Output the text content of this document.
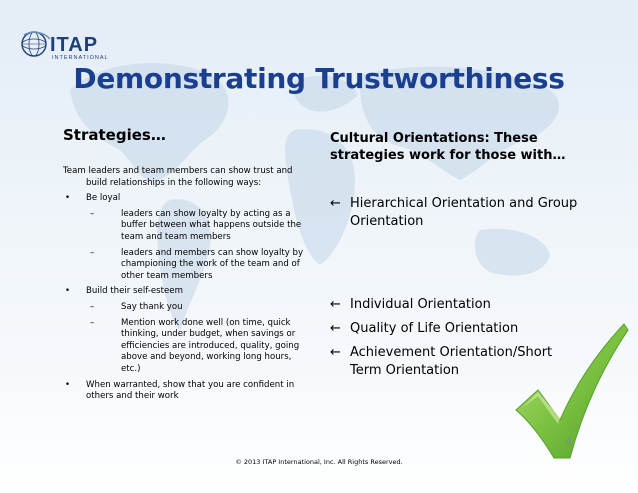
ITAP
INTERNATIONAL
Demonstrating Trustworthiness
Strategies…

Team leaders and team members can show trust and build relationships in the following ways:

• Be loyal
–	leaders can show loyalty by acting as a buffer between what happens outside the team and team members
–	leaders and members can show loyalty by championing the work of the team and of other team members
• Build their self-esteem
–	Say thank you
–	Mention work done well (on time, quick thinking, under budget, when savings or efficiencies are introduced, quality, going above and beyond, working long hours, etc.)
• When warranted, show that you are confident in others and their work
Cultural Orientations: These strategies work for those with…
← Hierarchical Orientation and Group Orientation
← Individual Orientation
← Quality of Life Orientation
← Achievement Orientation/Short Term Orientation
9
© 2013 ITAP International, Inc. All Rights Reserved.
